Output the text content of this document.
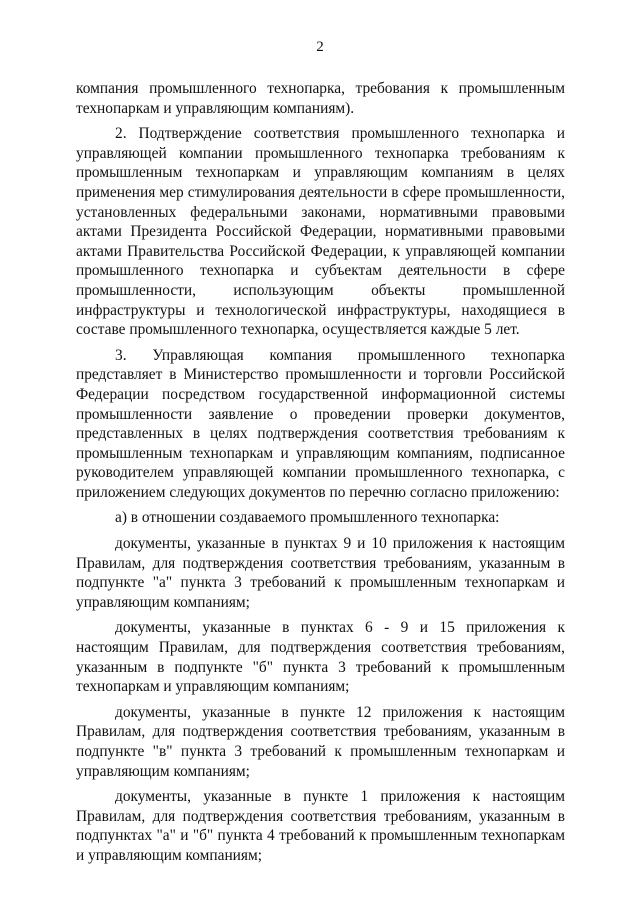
2

компания промышленного технопарка, требования к промышленным технопаркам и управляющим компаниям).

2. Подтверждение соответствия промышленного технопарка и управляющей компании промышленного технопарка требованиям к промышленным технопаркам и управляющим компаниям в целях применения мер стимулирования деятельности в сфере промышленности, установленных федеральными законами, нормативными правовыми актами Президента Российской Федерации, нормативными правовыми актами Правительства Российской Федерации, к управляющей компании промышленного технопарка и субъектам деятельности в сфере промышленности, использующим объекты промышленной инфраструктуры и технологической инфраструктуры, находящиеся в составе промышленного технопарка, осуществляется каждые 5 лет.

3. Управляющая компания промышленного технопарка представляет в Министерство промышленности и торговли Российской Федерации посредством государственной информационной системы промышленности заявление о проведении проверки документов, представленных в целях подтверждения соответствия требованиям к промышленным технопаркам и управляющим компаниям, подписанное руководителем управляющей компании промышленного технопарка, с приложением следующих документов по перечню согласно приложению:

а) в отношении создаваемого промышленного технопарка:

документы, указанные в пунктах 9 и 10 приложения к настоящим Правилам, для подтверждения соответствия требованиям, указанным в подпункте "а" пункта 3 требований к промышленным технопаркам и управляющим компаниям;

документы, указанные в пунктах 6 - 9 и 15 приложения к настоящим Правилам, для подтверждения соответствия требованиям, указанным в подпункте "б" пункта 3 требований к промышленным технопаркам и управляющим компаниям;

документы, указанные в пункте 12 приложения к настоящим Правилам, для подтверждения соответствия требованиям, указанным в подпункте "в" пункта 3 требований к промышленным технопаркам и управляющим компаниям;

документы, указанные в пункте 1 приложения к настоящим Правилам, для подтверждения соответствия требованиям, указанным в подпунктах "а" и "б" пункта 4 требований к промышленным технопаркам и управляющим компаниям;
